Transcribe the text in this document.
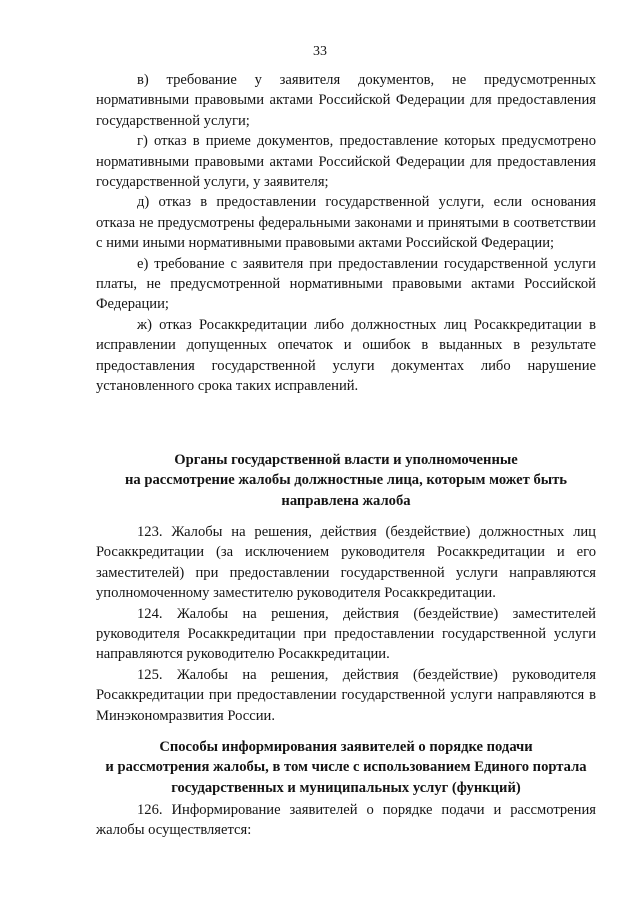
33

в) требование у заявителя документов, не предусмотренных нормативными правовыми актами Российской Федерации для предоставления государственной услуги;

г) отказ в приеме документов, предоставление которых предусмотрено нормативными правовыми актами Российской Федерации для предоставления государственной услуги, у заявителя;

д) отказ в предоставлении государственной услуги, если основания отказа не предусмотрены федеральными законами и принятыми в соответствии с ними иными нормативными правовыми актами Российской Федерации;

е) требование с заявителя при предоставлении государственной услуги платы, не предусмотренной нормативными правовыми актами Российской Федерации;

ж) отказ Росаккредитации либо должностных лиц Росаккредитации в исправлении допущенных опечаток и ошибок в выданных в результате предоставления государственной услуги документах либо нарушение установленного срока таких исправлений.

Органы государственной власти и уполномоченные
на рассмотрение жалобы должностные лица, которым может быть
направлена жалоба

123. Жалобы на решения, действия (бездействие) должностных лиц Росаккредитации (за исключением руководителя Росаккредитации и его заместителей) при предоставлении государственной услуги направляются уполномоченному заместителю руководителя Росаккредитации.

124. Жалобы на решения, действия (бездействие) заместителей руководителя Росаккредитации при предоставлении государственной услуги направляются руководителю Росаккредитации.

125. Жалобы на решения, действия (бездействие) руководителя Росаккредитации при предоставлении государственной услуги направляются в Минэкономразвития России.

Способы информирования заявителей о порядке подачи
и рассмотрения жалобы, в том числе с использованием Единого портала
государственных и муниципальных услуг (функций)

126. Информирование заявителей о порядке подачи и рассмотрения жалобы осуществляется:
